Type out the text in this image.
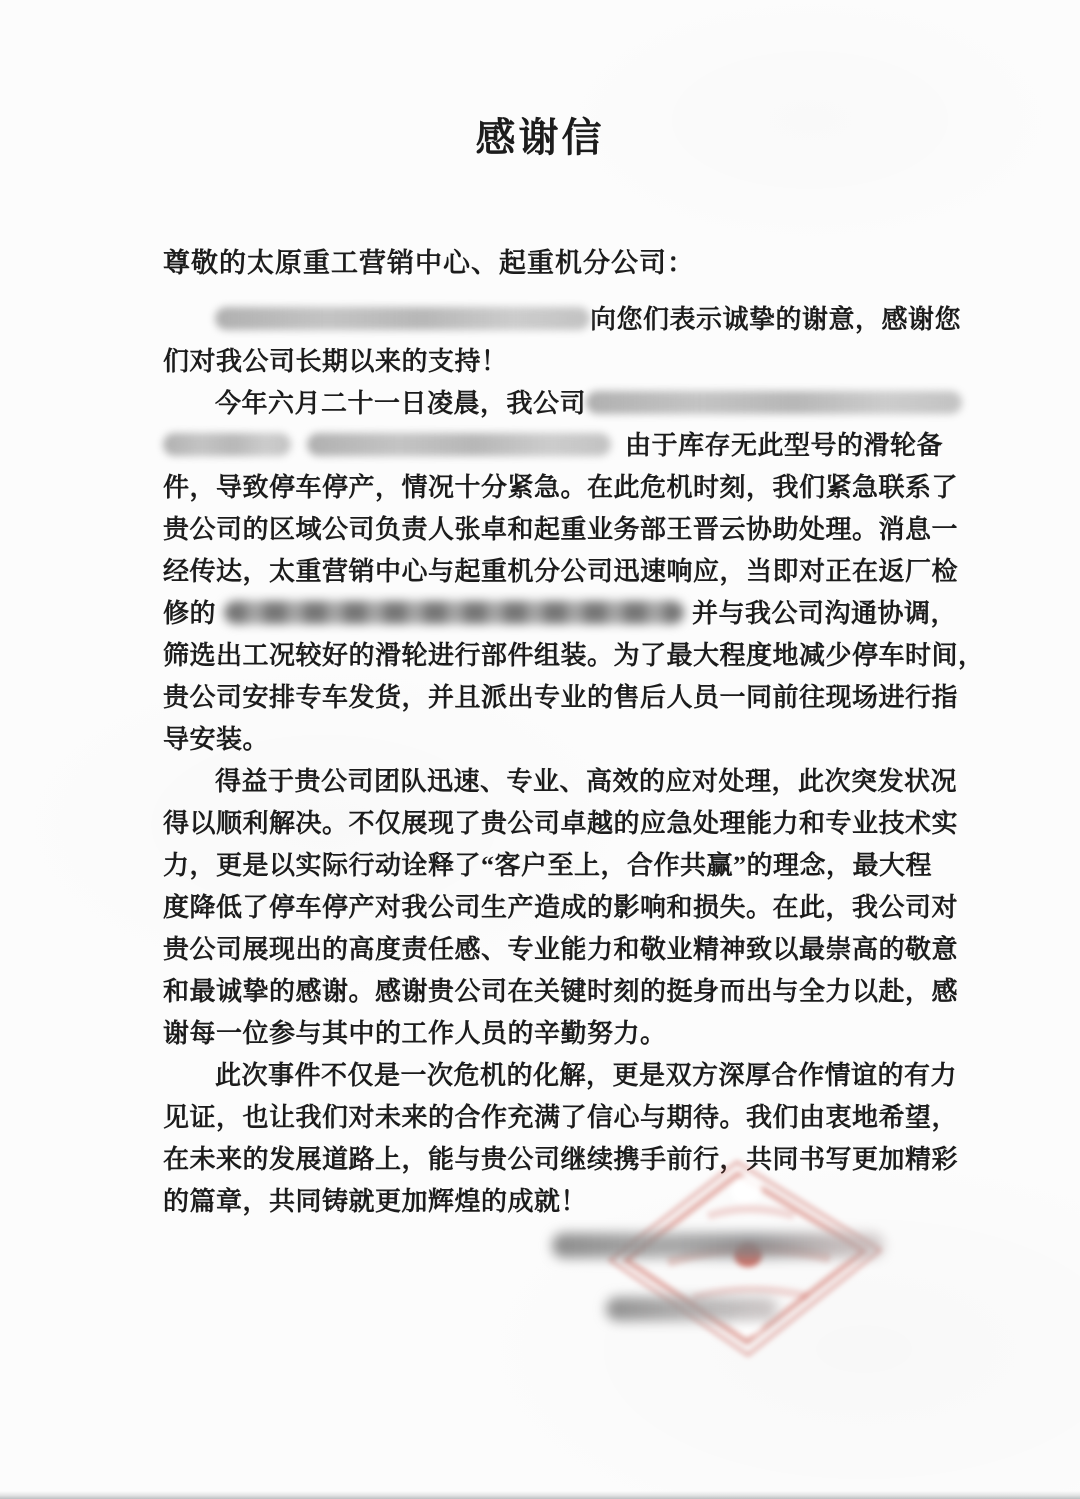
感谢信
尊敬的太原重工营销中心、起重机分公司：
向您们表示诚挚的谢意，感谢您
们对我公司长期以来的支持！
今年六月二十一日凌晨，我公司
由于库存无此型号的滑轮备
件，导致停车停产，情况十分紧急。在此危机时刻，我们紧急联系了
贵公司的区域公司负责人张卓和起重业务部王晋云协助处理。消息一
经传达，太重营销中心与起重机分公司迅速响应，当即对正在返厂检
修的	并与我公司沟通协调，
筛选出工况较好的滑轮进行部件组装。为了最大程度地减少停车时间，
贵公司安排专车发货，并且派出专业的售后人员一同前往现场进行指
导安装。
得益于贵公司团队迅速、专业、高效的应对处理，此次突发状况
得以顺利解决。不仅展现了贵公司卓越的应急处理能力和专业技术实
力，更是以实际行动诠释了“客户至上，合作共赢”的理念，最大程
度降低了停车停产对我公司生产造成的影响和损失。在此，我公司对
贵公司展现出的高度责任感、专业能力和敬业精神致以最崇高的敬意
和最诚挚的感谢。感谢贵公司在关键时刻的挺身而出与全力以赴，感
谢每一位参与其中的工作人员的辛勤努力。
此次事件不仅是一次危机的化解，更是双方深厚合作情谊的有力
见证，也让我们对未来的合作充满了信心与期待。我们由衷地希望，
在未来的发展道路上，能与贵公司继续携手前行，共同书写更加精彩
的篇章，共同铸就更加辉煌的成就！
